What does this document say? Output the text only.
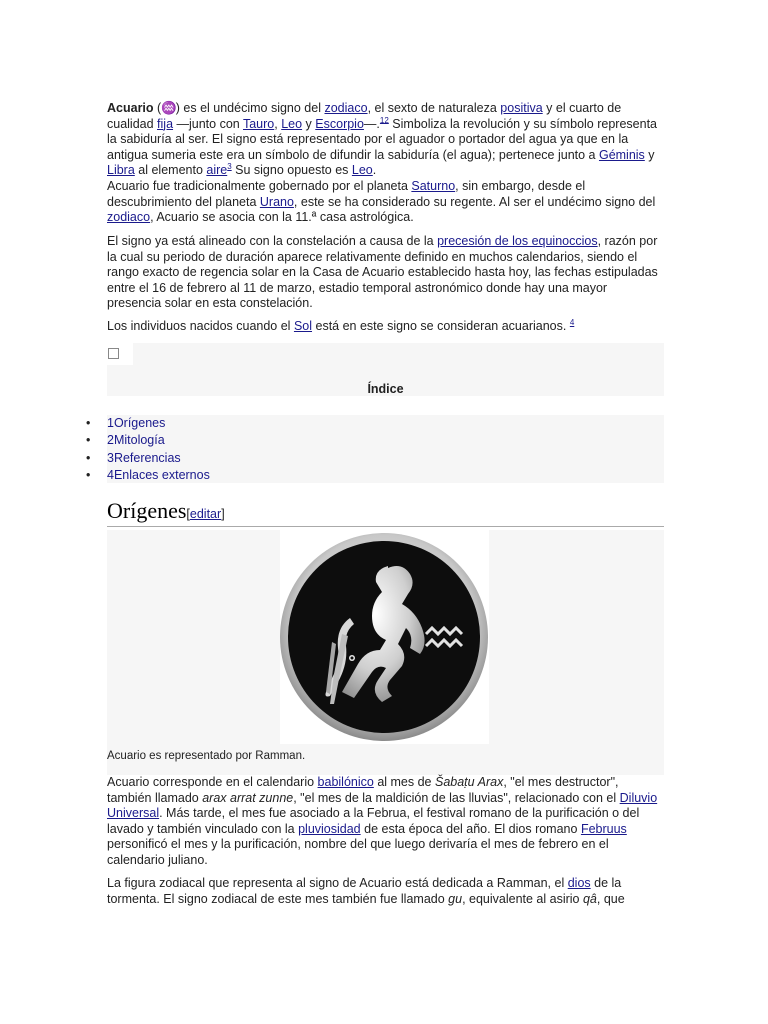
Acuario (♒) es el undécimo signo del zodiaco, el sexto de naturaleza positiva y el cuarto de cualidad fija —junto con Tauro, Leo y Escorpio—.$^{12}$ Simboliza la revolución y su símbolo representa la sabiduría al ser. El signo está representado por el aguador o portador del agua ya que en la antigua sumeria este era un símbolo de difundir la sabiduría (el agua); pertenece junto a Géminis y Libra al elemento aire$^3$ Su signo opuesto es Leo.
Acuario fue tradicionalmente gobernado por el planeta Saturno, sin embargo, desde el descubrimiento del planeta Urano, este se ha considerado su regente. Al ser el undécimo signo del zodiaco, Acuario se asocia con la 11.ª casa astrológica.

El signo ya está alineado con la constelación a causa de la precesión de los equinoccios, razón por la cual su periodo de duración aparece relativamente definido en muchos calendarios, siendo el rango exacto de regencia solar en la Casa de Acuario establecido hasta hoy, las fechas estipuladas entre el 16 de febrero al 11 de marzo, estadio temporal astronómico donde hay una mayor presencia solar en esta constelación.

Los individuos nacidos cuando el Sol está en este signo se consideran acuarianos. $^4$

Índice
• 1Orígenes
• 2Mitología
• 3Referencias
• 4Enlaces externos
Orígenes[editar]
Acuario es representado por Ramman.

Acuario corresponde en el calendario babilónico al mes de Šabaṭu Arax, "el mes destructor", también llamado arax arrat zunne, "el mes de la maldición de las lluvias", relacionado con el Diluvio Universal. Más tarde, el mes fue asociado a la Februa, el festival romano de la purificación o del lavado y también vinculado con la pluviosidad de esta época del año. El dios romano Februus personificó el mes y la purificación, nombre del que luego derivaría el mes de febrero en el calendario juliano.

La figura zodiacal que representa al signo de Acuario está dedicada a Ramman, el dios de la tormenta. El signo zodiacal de este mes también fue llamado gu, equivalente al asirio qâ, que
